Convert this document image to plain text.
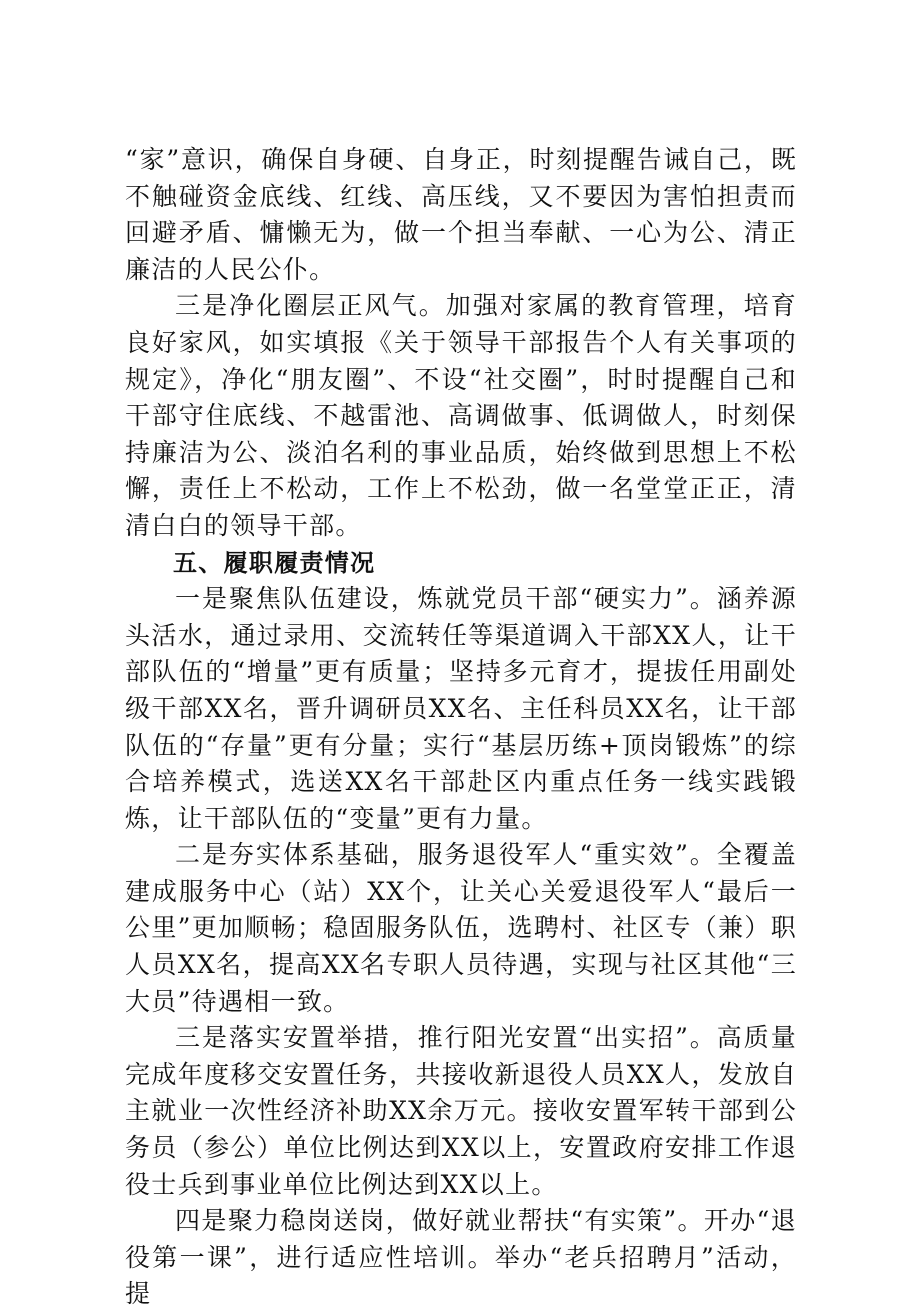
“家”意识，确保自身硬、自身正，时刻提醒告诫自己，既不触碰资金底线、红线、高压线，又不要因为害怕担责而回避矛盾、慵懒无为，做一个担当奉献、一心为公、清正廉洁的人民公仆。

三是净化圈层正风气。加强对家属的教育管理，培育良好家风，如实填报《关于领导干部报告个人有关事项的规定》，净化“朋友圈”、不设“社交圈”，时时提醒自己和干部守住底线、不越雷池、高调做事、低调做人，时刻保持廉洁为公、淡泊名利的事业品质，始终做到思想上不松懈，责任上不松动，工作上不松劲，做一名堂堂正正，清清白白的领导干部。

五、履职履责情况

一是聚焦队伍建设，炼就党员干部“硬实力”。涵养源头活水，通过录用、交流转任等渠道调入干部XX人，让干部队伍的“增量”更有质量；坚持多元育才，提拔任用副处级干部XX名，晋升调研员XX名、主任科员XX名，让干部队伍的“存量”更有分量；实行“基层历练+顶岗锻炼”的综合培养模式，选送XX名干部赴区内重点任务一线实践锻炼，让干部队伍的“变量”更有力量。

二是夯实体系基础，服务退役军人“重实效”。全覆盖建成服务中心（站）XX个，让关心关爱退役军人“最后一公里”更加顺畅；稳固服务队伍，选聘村、社区专（兼）职人员XX名，提高XX名专职人员待遇，实现与社区其他“三大员”待遇相一致。

三是落实安置举措，推行阳光安置“出实招”。高质量完成年度移交安置任务，共接收新退役人员XX人，发放自主就业一次性经济补助XX余万元。接收安置军转干部到公务员（参公）单位比例达到XX以上，安置政府安排工作退役士兵到事业单位比例达到XX以上。

四是聚力稳岗送岗，做好就业帮扶“有实策”。开办“退役第一课”，进行适应性培训。举办“老兵招聘月”活动，提
